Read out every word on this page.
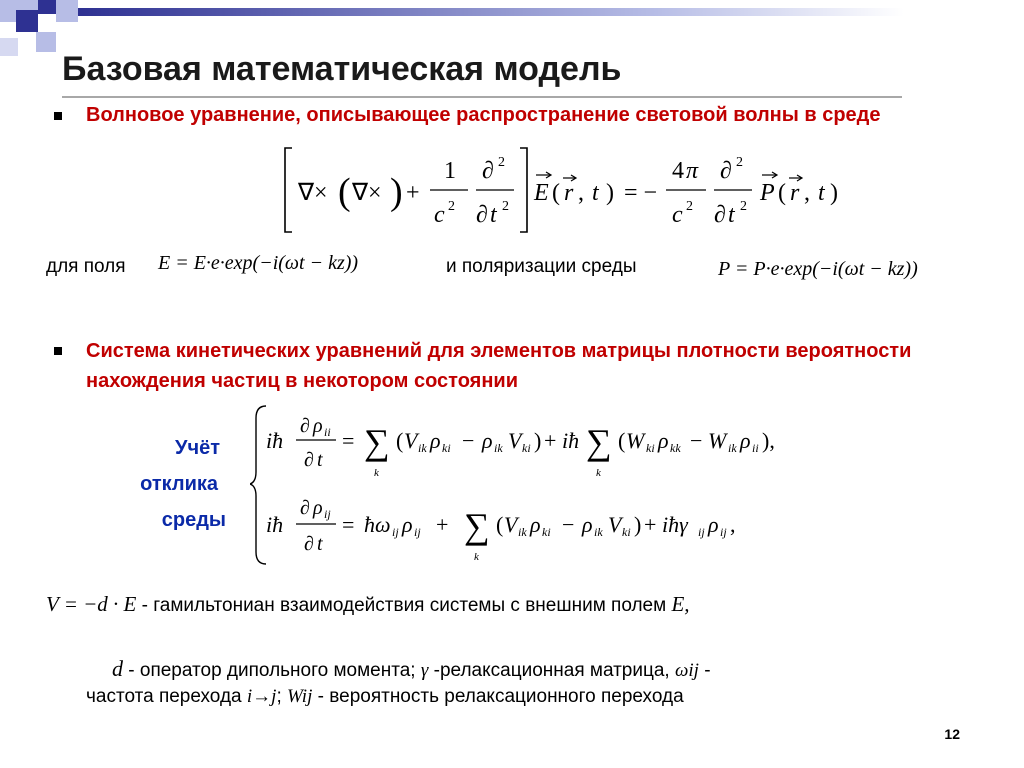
Базовая математическая модель
Волновое уравнение, описывающее распространение световой волны в среде
∇× ( ∇× ) +
1
c 2
∂ 2
∂ t 2
E ( r , t ) = −
4 π
c 2
∂ 2
∂ t 2
P ( r , t )
для поля E = E·e·exp(−i(ωt − kz))	и поляризации среды	P = P·e·exp(−i(ωt − kz))
Система кинетических уравнений для элементов матрицы плотности вероятности нахождения частиц в некотором состоянии
Учёт
отклика
среды
iħ
∂ ρ ii
∂ t
= ∑
k
( V ik ρ ki − ρ ik V ki ) + iħ ∑
k
( W ki ρ kk − W ik ρ ii ),
iħ
∂ ρ ij
∂ t
= ħω ij ρ ij + ∑
k
( V ik ρ ki − ρ ik V ki ) + iħγ ij ρ ij ,
V = −d · E - гамильтониан взаимодействия системы с внешним полем E,
d - оператор дипольного момента; γ -релаксационная матрица, ωij -
частота перехода i→j; Wij - вероятность релаксационного перехода
12
